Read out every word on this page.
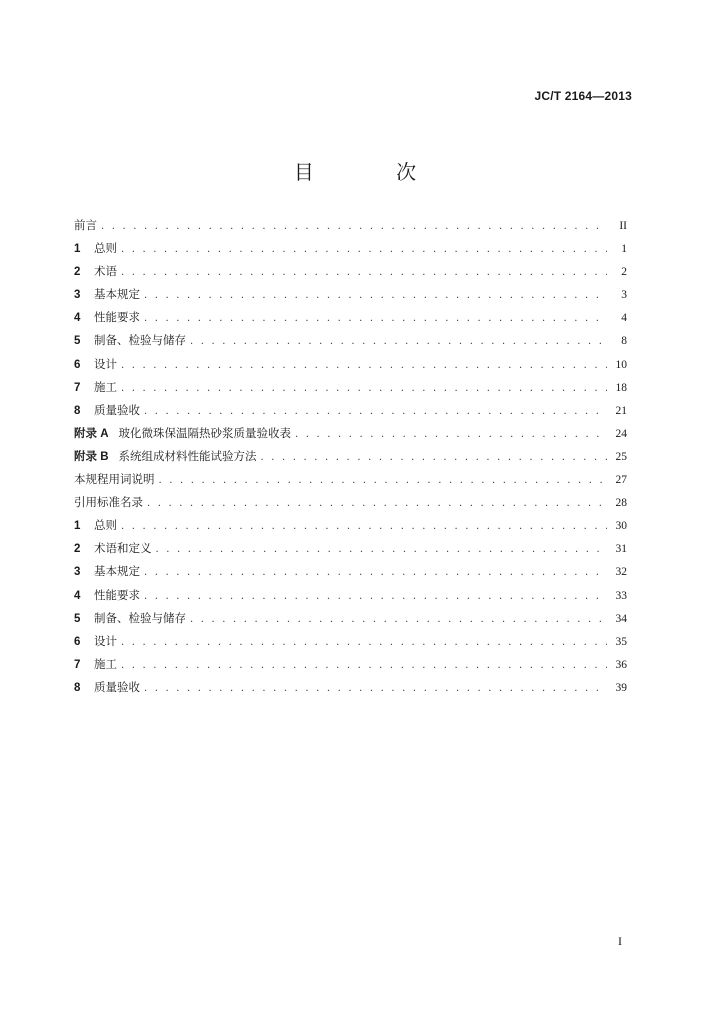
JC/T 2164—2013
目 次
前言 . . .	II
1	总则 . . .	1
2	术语 . . .	2
3	基本规定 . . .	3
4	性能要求 . . .	4
5	制备、检验与储存 . . .	8
6	设计 . . .	10
7	施工 . . .	18
8	质量验收 . . .	21
附录 A 玻化微珠保温隔热砂浆质量验收表 . . .	24
附录 B 系统组成材料性能试验方法 . . .	25
本规程用词说明 . . .	27
引用标准名录 . . .	28
1	总则 . . .	30
2	术语和定义 . . .	31
3	基本规定 . . .	32
4	性能要求 . . .	33
5	制备、检验与储存 . . .	34
6	设计 . . .	35
7	施工 . . .	36
8	质量验收 . . .	39
I
